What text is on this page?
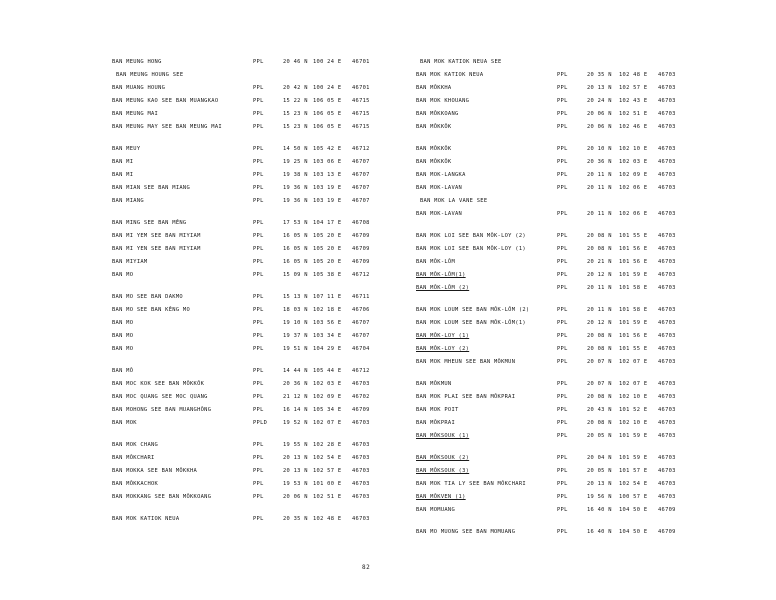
BAN MEUNG HONG	PPL	20 46 N 100 24 E 46701
BAN MEUNG HOUNG SEE
BAN MUANG HOUNG	PPL	20 42 N 100 24 E 46701
BAN MEUNG KAO SEE BAN MUANGKAO	PPL	15 22 N 106 05 E 46715
BAN MEUNG MAI	PPL	15 23 N 106 05 E 46715
BAN MEUNG MAY SEE BAN MEUNG MAI	PPL	15 23 N 106 05 E 46715
BAN MEUY	PPL	14 50 N 105 42 E 46712
BAN MI	PPL	19 25 N 103 06 E 46707
BAN MI	PPL	19 38 N 103 13 E 46707
BAN MIAN SEE BAN MIANG	PPL	19 36 N 103 19 E 46707
BAN MIANG	PPL	19 36 N 103 19 E 46707
BAN MING SEE BAN MÊNG	PPL	17 53 N 104 17 E 46708
BAN MI YEM SEE BAN MIYIAM	PPL	16 05 N 105 20 E 46709
BAN MI YEN SEE BAN MIYIAM	PPL	16 05 N 105 20 E 46709
BAN MIYIAM	PPL	16 05 N 105 20 E 46709
BAN MO	PPL	15 09 N 105 38 E 46712
BAN MO SEE BAN DAKMO	PPL	15 13 N 107 11 E 46711
BAN MO SEE BAN KÊNG MO	PPL	18 03 N 102 18 E 46706
BAN MO	PPL	19 10 N 103 56 E 46707
BAN MO	PPL	19 37 N 103 34 E 46707
BAN MO	PPL	19 51 N 104 29 E 46704
BAN MÔ	PPL	14 44 N 105 44 E 46712
BAN MOC KOK SEE BAN MÔKKÔK	PPL	20 36 N 102 03 E 46703
BAN MOC QUANG SEE MOC QUANG	PPL	21 12 N 102 09 E 46702
BAN MOHONG SEE BAN MUANGHÔNG	PPL	16 14 N 105 34 E 46709
BAN MOK	PPLD	19 52 N 102 07 E 46703
BAN MOK CHANG	PPL	19 55 N 102 28 E 46703
BAN MÔKCHARI	PPL	20 13 N 102 54 E 46703
BAN MOKKA SEE BAN MÔKKHA	PPL	20 13 N 102 57 E 46703
BAN MÔKKACHOK	PPL	19 53 N 101 00 E 46703
BAN MOKKANG SEE BAN MÔKKOANG	PPL	20 06 N 102 51 E 46703
BAN MOK KATIOK NEUA	PPL	20 35 N 102 48 E 46703
BAN MOK KATIOK NEUA SEE
BAN MOK KATIOK NEUA	PPL	20 35 N 102 48 E 46703
BAN MÔKKHA	PPL	20 13 N 102 57 E 46703
BAN MOK KHOUANG	PPL	20 24 N 102 43 E 46703
BAN MÔKKOANG	PPL	20 06 N 102 51 E 46703
BAN MÔKKÔK	PPL	20 06 N 102 46 E 46703
BAN MÔKKÔK	PPL	20 10 N 102 10 E 46703
BAN MÔKKÔK	PPL	20 36 N 102 03 E 46703
BAN MOK-LANGKA	PPL	20 11 N 102 09 E 46703
BAN MOK-LAVAN	PPL	20 11 N 102 06 E 46703
BAN MOK LA VANE SEE
BAN MOK-LAVAN	PPL	20 11 N 102 06 E 46703
BAN MOK LOI SEE BAN MÔK-LOY (2)	PPL	20 08 N 101 55 E 46703
BAN MOK LOI SEE BAN MÔK-LOY (1)	PPL	20 08 N 101 56 E 46703
BAN MÔK-LÔM	PPL	20 21 N 101 56 E 46703
BAN MÔK-LÔM(1)	PPL	20 12 N 101 59 E 46703
BAN MÔK-LÔM (2)	PPL	20 11 N 101 58 E 46703
BAN MOK LOUM SEE BAN MÔK-LÔM (2)	PPL	20 11 N 101 58 E 46703
BAN MOK LOUM SEE BAN MÔK-LÔM(1)	PPL	20 12 N 101 59 E 46703
BAN MÔK-LOY (1)	PPL	20 08 N 101 56 E 46703
BAN MÔK-LOY (2)	PPL	20 08 N 101 55 E 46703
BAN MOK MHEUN SEE BAN MÔKMUN	PPL	20 07 N 102 07 E 46703
BAN MÔKMUN	PPL	20 07 N 102 07 E 46703
BAN MOK PLAI SEE BAN MÔKPRAI	PPL	20 08 N 102 10 E 46703
BAN MOK POIT	PPL	20 43 N 101 52 E 46703
BAN MÔKPRAI	PPL	20 08 N 102 10 E 46703
BAN MÔKSOUK (1)	PPL	20 05 N 101 59 E 46703
BAN MÔKSOUK (2)	PPL	20 04 N 101 59 E 46703
BAN MÔKSOUK (3)	PPL	20 05 N 101 57 E 46703
BAN MOK TIA LY SEE BAN MÔKCHARI	PPL	20 13 N 102 54 E 46703
BAN MÔKVEN (1)	PPL	19 56 N 100 57 E 46703
BAN MOMUANG	PPL	16 40 N 104 50 E 46709
BAN MO MUONG SEE BAN MOMUANG	PPL	16 40 N 104 50 E 46709
82
